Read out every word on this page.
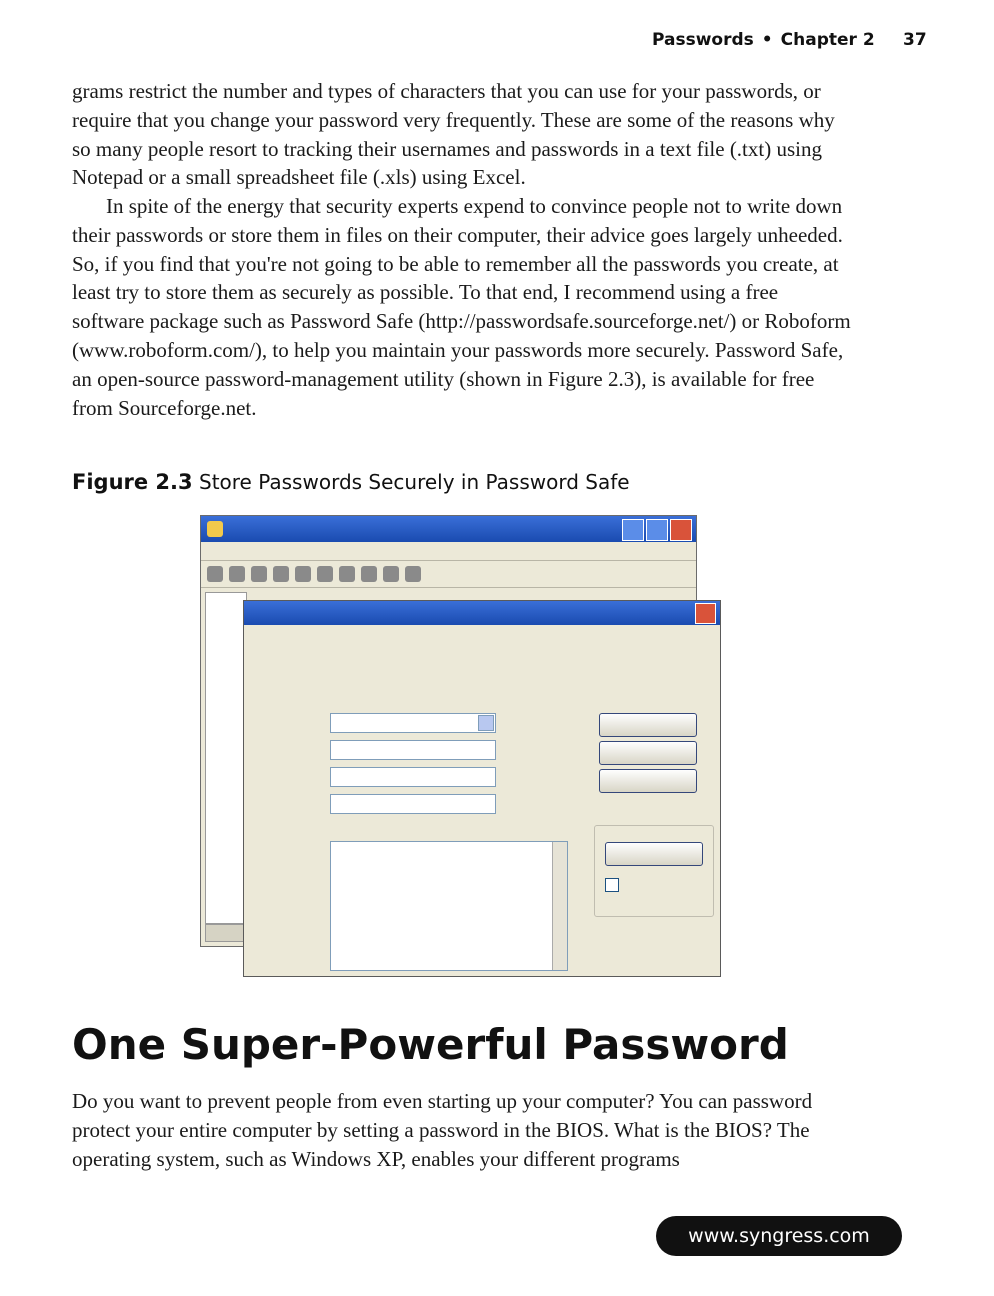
Passwords • Chapter 2 37

grams restrict the number and types of characters that you can use for your passwords, or require that you change your password very frequently. These are some of the reasons why so many people resort to tracking their usernames and passwords in a text file (.txt) using Notepad or a small spreadsheet file (.xls) using Excel.

In spite of the energy that security experts expend to convince people not to write down their passwords or store them in files on their computer, their advice goes largely unheeded. So, if you find that you're not going to be able to remember all the passwords you create, at least try to store them as securely as possible. To that end, I recommend using a free software package such as Password Safe (http://passwordsafe.sourceforge.net/) or Roboform (www.roboform.com/), to help you maintain your passwords more securely. Password Safe, an open-source password-management utility (shown in Figure 2.3), is available for free from Sourceforge.net.

Figure 2.3 Store Passwords Securely in Password Safe
One Super-Powerful Password

Do you want to prevent people from even starting up your computer? You can password protect your entire computer by setting a password in the BIOS. What is the BIOS? The operating system, such as Windows XP, enables your different programs

www.syngress.com
